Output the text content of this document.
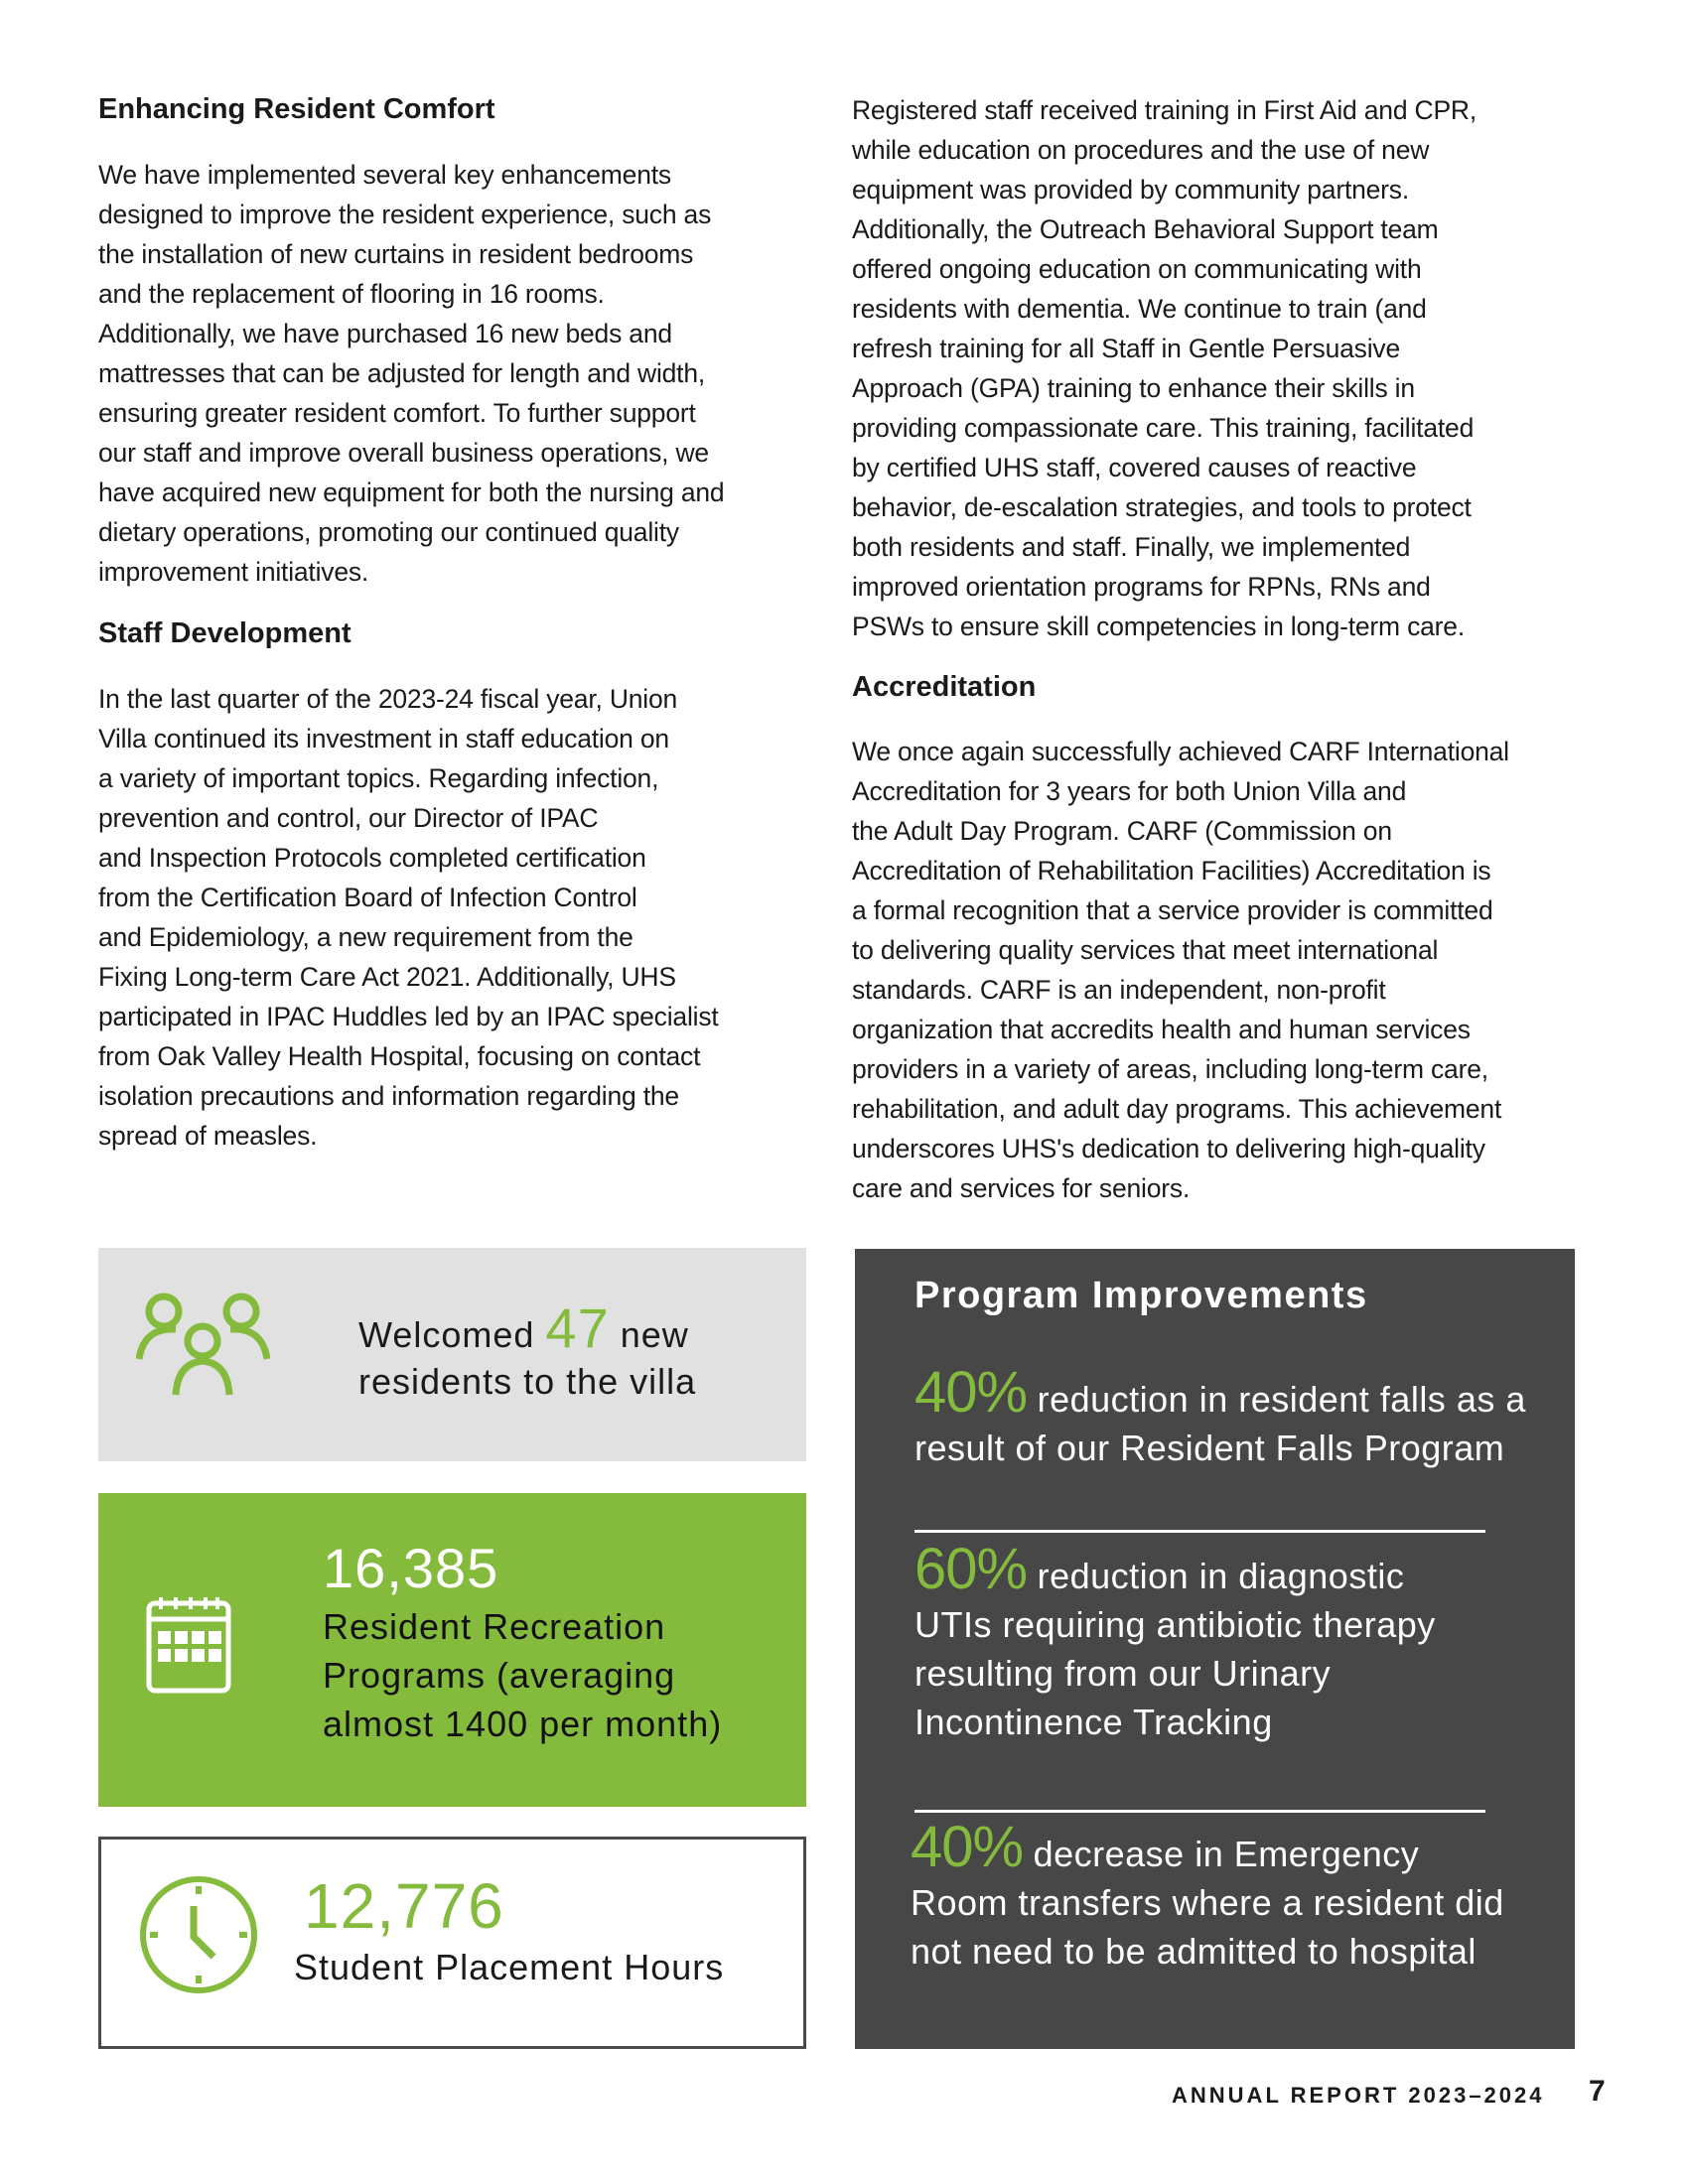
Enhancing Resident Comfort
We have implemented several key enhancements
designed to improve the resident experience, such as
the installation of new curtains in resident bedrooms
and the replacement of flooring in 16 rooms.
Additionally, we have purchased 16 new beds and
mattresses that can be adjusted for length and width,
ensuring greater resident comfort. To further support
our staff and improve overall business operations, we
have acquired new equipment for both the nursing and
dietary operations, promoting our continued quality
improvement initiatives.
Staff Development
In the last quarter of the 2023-24 fiscal year, Union
Villa continued its investment in staff education on
a variety of important topics. Regarding infection,
prevention and control, our Director of IPAC
and Inspection Protocols completed certification
from the Certification Board of Infection Control
and Epidemiology, a new requirement from the
Fixing Long-term Care Act 2021. Additionally, UHS
participated in IPAC Huddles led by an IPAC specialist
from Oak Valley Health Hospital, focusing on contact
isolation precautions and information regarding the
spread of measles.
Registered staff received training in First Aid and CPR,
while education on procedures and the use of new
equipment was provided by community partners.
Additionally, the Outreach Behavioral Support team
offered ongoing education on communicating with
residents with dementia. We continue to train (and
refresh training for all Staff in Gentle Persuasive
Approach (GPA) training to enhance their skills in
providing compassionate care. This training, facilitated
by certified UHS staff, covered causes of reactive
behavior, de-escalation strategies, and tools to protect
both residents and staff. Finally, we implemented
improved orientation programs for RPNs, RNs and
PSWs to ensure skill competencies in long-term care.
Accreditation
We once again successfully achieved CARF International
Accreditation for 3 years for both Union Villa and
the Adult Day Program. CARF (Commission on
Accreditation of Rehabilitation Facilities) Accreditation is
a formal recognition that a service provider is committed
to delivering quality services that meet international
standards. CARF is an independent, non-profit
organization that accredits health and human services
providers in a variety of areas, including long-term care,
rehabilitation, and adult day programs. This achievement
underscores UHS's dedication to delivering high-quality
care and services for seniors.
Welcomed 47 new
residents to the villa
16,385
Resident Recreation
Programs (averaging
almost 1400 per month)
12,776
Student Placement Hours
Program Improvements
40% reduction in resident falls as a
result of our Resident Falls Program
60% reduction in diagnostic
UTIs requiring antibiotic therapy
resulting from our Urinary
Incontinence Tracking
40% decrease in Emergency
Room transfers where a resident did
not need to be admitted to hospital
ANNUAL REPORT 2023–2024 7
